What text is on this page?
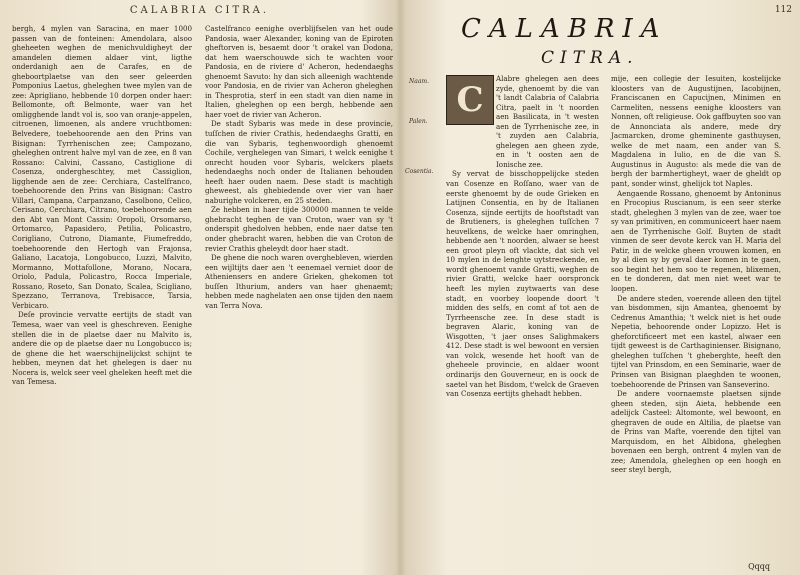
CALABRIA CITRA.

bergh, 4 mylen van Saracina, en maer 1000 passen van de fonteinen: Amendolara, alsoo gheheeten weghen de menichvuldigheyt der amandelen diemen aldaer vint, ligthe onderdanigh aen de Carafes, en de gheboortplaetse van den seer geleerden Pomponius Laetus, gheleghen twee mylen van de zee: Aprigliano, hebbende 10 dorpen onder haer: Bellomonte, oft Belmonte, waer van het omligghende landt vol is, soo van oranje-appelen, citroenen, limoenen, als andere vruchtbomen: Belvedere, toebehoorende aen den Prins van Bisignan: Tyrrhenischen zee; Campozano, gheleghen ontrent halve myl van de zee, en 8 van Rossano: Calvini, Cassano, Castiglione di Cosenza, ondergheschtey, met Cassiglion, ligghende aen de zee: Cerchiara, Castelfranco, toebehoorende den Prins van Bisignan: Castro Villari, Campana, Carpanzano, Casolbono, Celico, Cerisano, Cerchiara, Citrano, toebehoorende aen den Abt van Mont Cassin: Oropoli, Orsomarso, Ortomarco, Papasidero, Petilia, Policastro, Corigliano, Cutrono, Diamante, Fiumefreddo, toebehoorende den Hertogh van Frajonsa, Galiano, Lacatoja, Longobucco, Luzzi, Malvito, Mormanno, Mottafollone, Morano, Nocara, Oriolo, Padula, Policastro, Rocca Imperiale, Rossano, Roseto, San Donato, Scalea, Scigliano, Spezzano, Terranova, Trebisacce, Tarsia, Verbicaro.

Deſe provincie vervatte eertijts de stadt van Temesa, waer van veel is gheschreven. Eenighe stellen die in de plaetse daer nu Malvito is, andere die op de plaetse daer nu Longobucco is; de ghene die het waerschijnelijckst schijnt te hebben, meynen dat het ghelegen is daer nu Nocera is, welck seer veel gheleken heeft met die van Temesa.

Castelfranco eenighe overblijfselen van het oude Pandosia, waer Alexander, koning van de Epiroten gheftorven is, besaemt door 't orakel van Dodona, dat hem waerschouwde sich te wachten voor Pandosia, en de riviere d' Acheron, hedendaeghs ghenoemt Savuto: hy dan sich alleenigh wachtende voor Pandosia, en de rivier van Acheron gheleghen in Thesprotia, sterf in een stadt van dien name in Italien, gheleghen op een bergh, hebbende aen haer voet de rivier van Acheron.

De stadt Sybaris was mede in dese provincie, tuſſchen de rivier Crathis, hedendaeghs Gratti, en die van Sybaris, teghenwoordigh ghenoemt Cochile, verghelegen van Simari, t welck eenighe t onrecht houden voor Sybaris, welckers plaets hedendaeghs noch onder de Italianen behouden heeft haer ouden naem. Dese stadt is machtigh gheweest, als ghebiedende over vier van haer naburighe volckeren, en 25 steden.

Ze hebben in haer tijde 300000 mannen te velde ghebracht teghen de van Croton, waer van sy 't onderspit ghedolven hebben, ende naer datse ten onder ghebracht waren, hebben die van Croton de revier Crathis gheleydt door haer stadt.

De ghene die noch waren overghebleven, wierden een wijltijts daer aen 't eenemael verniet door de Atheniensers en andere Grieken, ghekomen tot buſſen Ithurium, anders van haer ghenaemt; hebben mede naghelaten aen onse tijden den naem van Terra Nova.

112
CALABRIA
CITRA.
C
Naam.
Palen.
Cosentia.

Alabre ghelegen aen dees zyde, ghenoemt by die van 't landt Calabria of Calabria Citra, paelt in 't noorden aen Basilicata, in 't westen aen de Tyrrhenische zee, in 't zuyden aen Calabria, ghelegen aen gheen zyde, en in 't oosten aen de Ionische zee.

Sy vervat de bisschoppelijcke steden van Cosenze en Roſſano, waer van de eerste ghenoemt by de oude Grieken en Latijnen Consentia, en by de Italianen Cosenza, sijnde eertijts de hooftstadt van de Brutieners, is gheleghen tuſſchen 7 heuvelkens, de welcke haer omringhen, hebbende aen 't noorden, alwaer se heest een groot pleyn oft vlackte, dat sich vel 10 mylen in de lenghte uytstreckende, en wordt ghenoemt vande Gratti, weghen de rivier Gratti, welcke haer oorspronck heeft les mylen zuytwaerts van dese stadt, en voorbey loopende doort 't midden des selfs, en comt af tot aen de Tyrrheensche zee. In dese stadt is begraven Alaric, koning van de Wisgotten, 't jaer onses Salighmakers 412. Dese stadt is wel bewoont en versien van volck, wesende het hooft van de gheheele provincie, en aldaer woont ordinarijs den Gouverneur, en is oock de saetel van het Bisdom, t'welck de Graeven van Cosenza eertijts ghehadt hebben.

mije, een collegie der Iesuiten, kostelijcke kloosters van de Augustijnen, Iacobijnen, Franciscanen en Capucijnen, Minimen en Carmeliten, nessens eenighe kloosters van Nonnen, oft religieuse. Ook gaffbuyten soo van de Annonciata als andere, mede dry Jacmarcken, drome gheminente gasthuysen, welke de met naam, een ander van S. Magdalena in Iulio, en de die van S. Augustinus in Augusto: als mede die van de bergh der barmhertigheyt, waer de gheldt op pant, sonder winst, ghelijck tot Naples.

Aengaende Rossano, ghenoemt by Antoninus en Procopius Ruscianum, is een seer sterke stadt, gheleghen 3 mylen van de zee, waer toe sy van primitiven, en communiceert haer naem aen de Tyrrhenische Golf. Buyten de stadt vinmen de seer devote kerck van H. Maria del Patir, in de welcke gheen vrouwen komen, en by al dien sy by geval daer komen in te gaen, soo begint het hem soo te regenen, blixemen, en te donderen, dat men niet weet war te loopen.

De andere steden, voerende alleen den tijtel van bisdommen, sijn Amantea, ghenoemt by Cedrenus Amanthia; 't welck niet is het oude Nepetia, behoorende onder Lopizzo. Het is gheforctificeert met een kastel, alwaer een tijdt geweest is de Carthaginienser. Bisignano, gheleghen tuſſchen 't gheberghte, heeft den tijtel van Prinsdom, en een Seminarie, waer de Prinsen van Bisignan plaeghden te woonen, toebehoorende de Prinsen van Sanseverino.

De andere voornaemste plaetsen sijnde gheen steden, sijn Aieta, hebbende een adelijck Casteel: Altomonte, wel bewoont, en ghegraven de oude en Altilia, de plaetse van de Prins van Mafte, voerende den tijtel van Marquisdom, en het Albidona, gheleghen bovenaen een bergh, ontrent 4 mylen van de zee; Amendola, gheleghen op een hoogh en seer steyl bergh,

Qqqq
